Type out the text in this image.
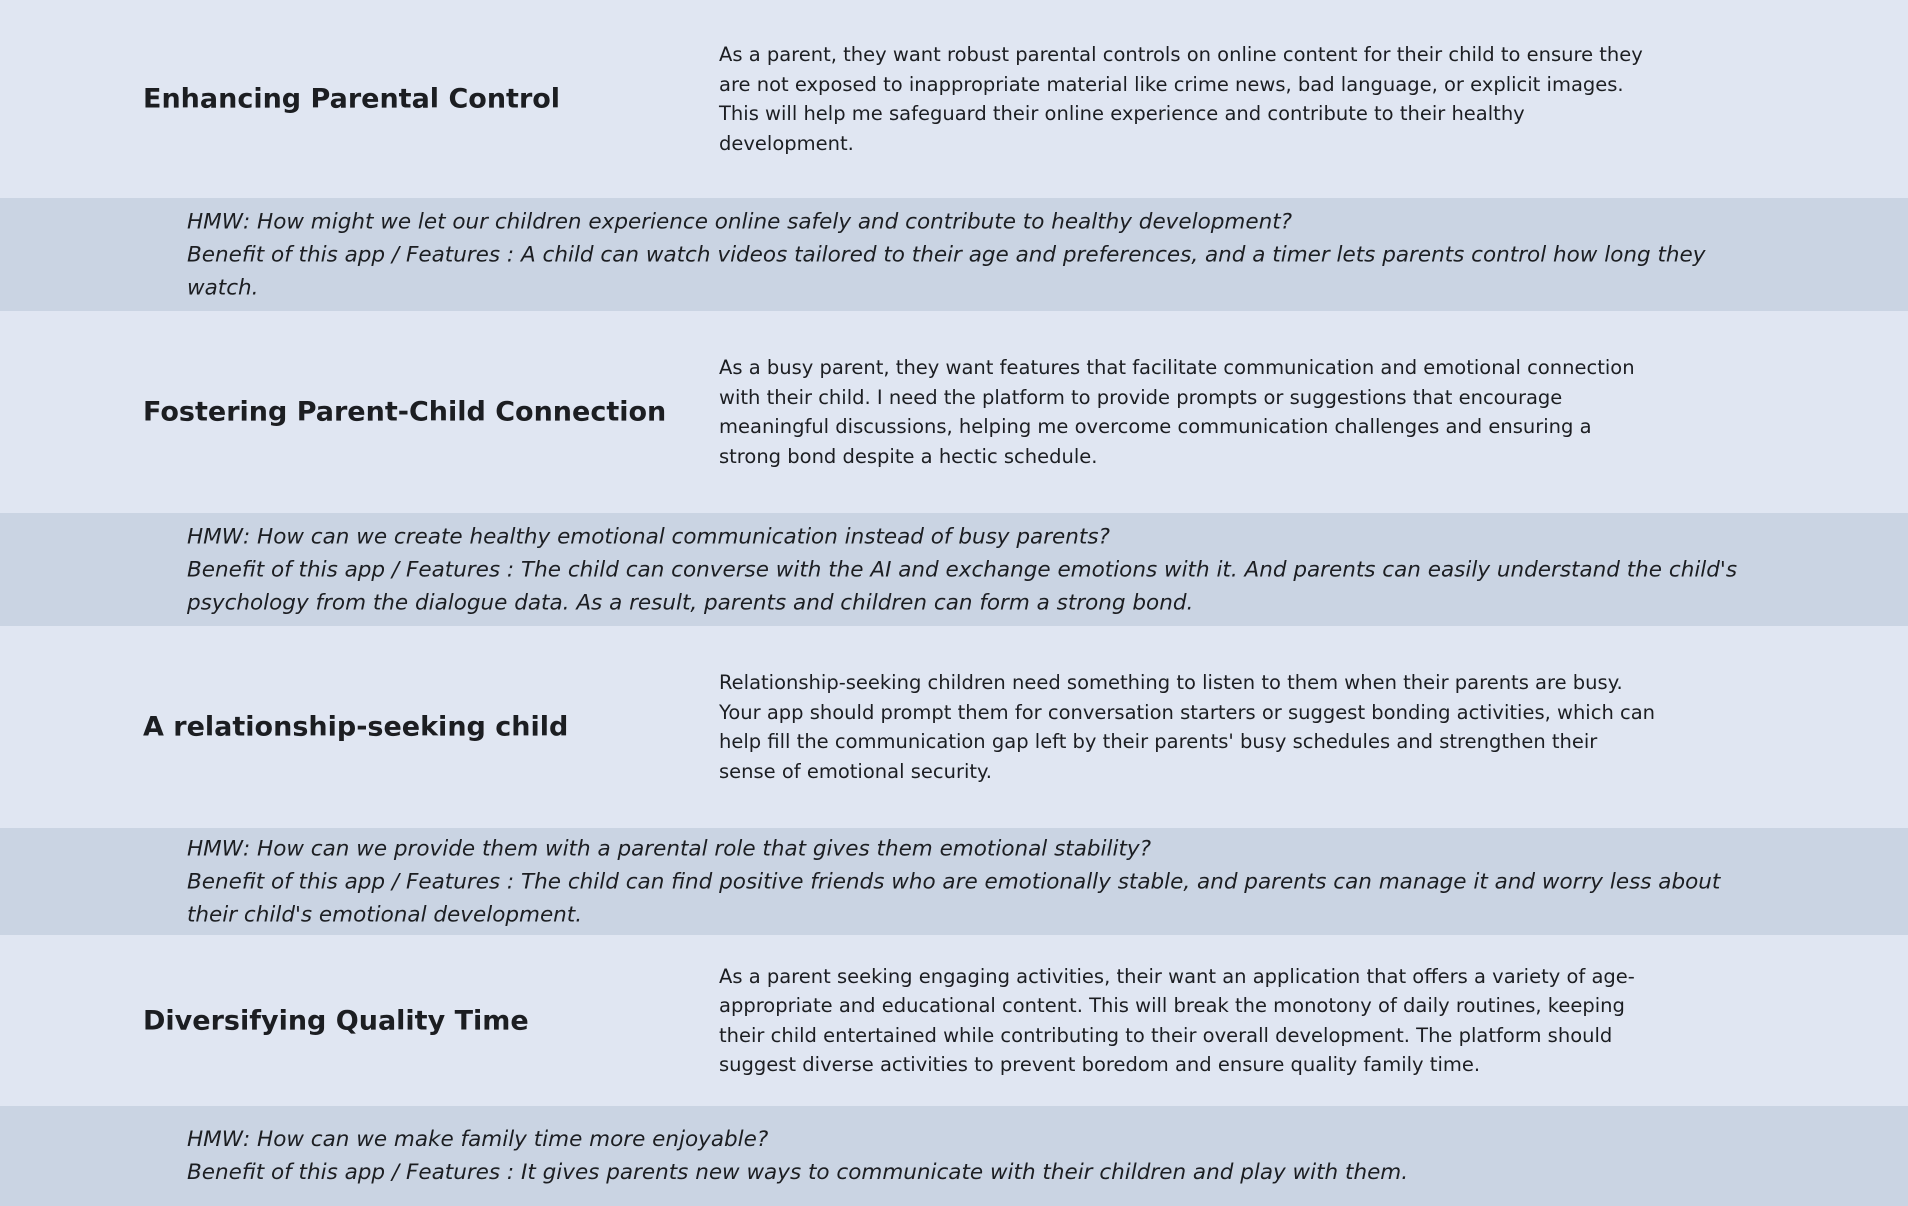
Enhancing Parental Control

As a parent, they want robust parental controls on online content for their child to ensure they are not exposed to inappropriate material like crime news, bad language, or explicit images. This will help me safeguard their online experience and contribute to their healthy development.

HMW: How might we let our children experience online safely and contribute to healthy development?
Benefit of this app / Features : A child can watch videos tailored to their age and preferences, and a timer lets parents control how long they watch.
Fostering Parent-Child Connection

As a busy parent, they want features that facilitate communication and emotional connection with their child. I need the platform to provide prompts or suggestions that encourage meaningful discussions, helping me overcome communication challenges and ensuring a strong bond despite a hectic schedule.

HMW: How can we create healthy emotional communication instead of busy parents?
Benefit of this app / Features : The child can converse with the AI and exchange emotions with it. And parents can easily understand the child's psychology from the dialogue data. As a result, parents and children can form a strong bond.
A relationship-seeking child

Relationship-seeking children need something to listen to them when their parents are busy. Your app should prompt them for conversation starters or suggest bonding activities, which can help fill the communication gap left by their parents' busy schedules and strengthen their sense of emotional security.

HMW: How can we provide them with a parental role that gives them emotional stability?
Benefit of this app / Features : The child can find positive friends who are emotionally stable, and parents can manage it and worry less about their child's emotional development.
Diversifying Quality Time

As a parent seeking engaging activities, their want an application that offers a variety of age-appropriate and educational content. This will break the monotony of daily routines, keeping their child entertained while contributing to their overall development. The platform should suggest diverse activities to prevent boredom and ensure quality family time.

HMW: How can we make family time more enjoyable?
Benefit of this app / Features : It gives parents new ways to communicate with their children and play with them.
